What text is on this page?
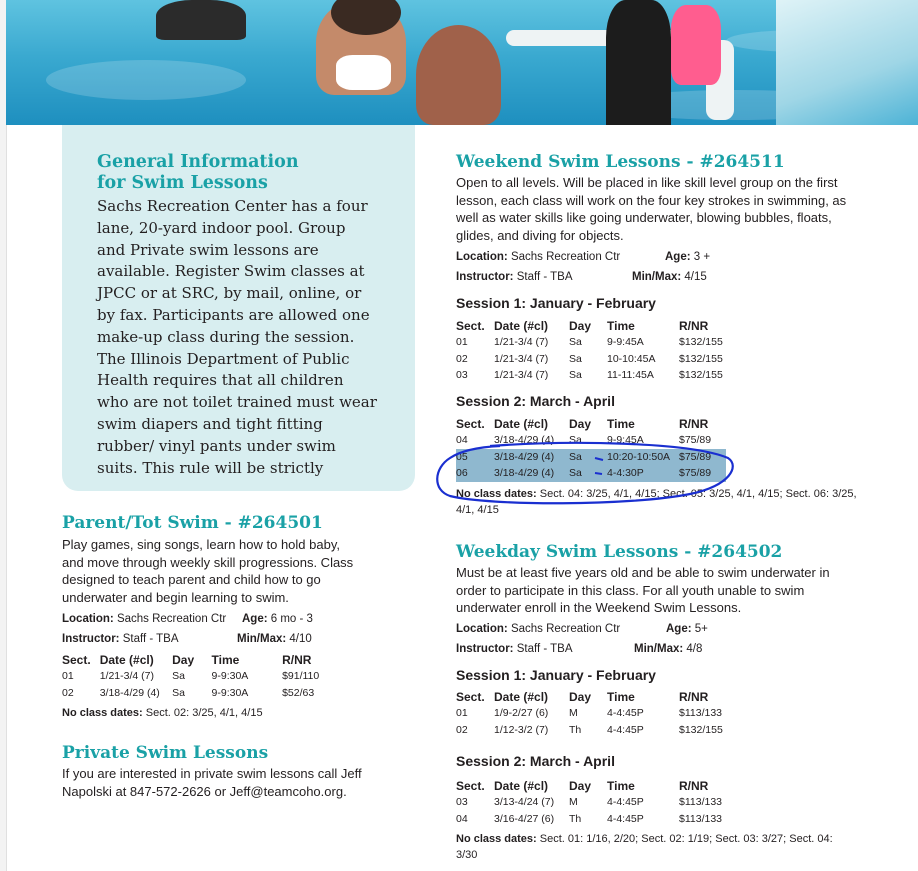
General Information
for Swim Lessons

Sachs Recreation Center has a four lane, 20-yard indoor pool. Group and Private swim lessons are available. Register Swim classes at JPCC or at SRC, by mail, online, or by fax. Participants are allowed one make-up class during the session. The Illinois Department of Public Health requires that all children who are not toilet trained must wear swim diapers and tight fitting rubber/ vinyl pants under swim suits. This rule will be strictly

Parent/Tot Swim - #264501

Play games, sing songs, learn how to hold baby, and move through weekly skill progressions. Class designed to teach parent and child how to go underwater and begin learning to swim.

Location: Sachs Recreation Ctr Age: 6 mo - 3
Instructor: Staff - TBA	Min/Max: 4/10
Sect.	Date (#cl)	Day	Time	R/NR
01	1/21-3/4 (7)	Sa	9-9:30A	$91/110
02	3/18-4/29 (4)	Sa	9-9:30A	$52/63
No class dates: Sect. 02: 3/25, 4/1, 4/15
Private Swim Lessons

If you are interested in private swim lessons call Jeff Napolski at 847-572-2626 or Jeff@teamcoho.org.

Weekend Swim Lessons - #264511

Open to all levels. Will be placed in like skill level group on the first lesson, each class will work on the four key strokes in swimming, as well as water skills like going underwater, blowing bubbles, floats, glides, and diving for objects.

Location: Sachs Recreation Ctr	Age: 3 +
Instructor: Staff - TBA	Min/Max: 4/15
Session 1: January - February
Sect.	Date (#cl)	Day	Time	R/NR
01	1/21-3/4 (7)	Sa	9-9:45A	$132/155
02	1/21-3/4 (7)	Sa	10-10:45A	$132/155
03	1/21-3/4 (7)	Sa	11-11:45A	$132/155
Session 2: March - April
Sect.	Date (#cl)	Day	Time	R/NR
04	3/18-4/29 (4)	Sa	9-9:45A	$75/89
05	3/18-4/29 (4)	Sa	10:20-10:50A	$75/89
06	3/18-4/29 (4)	Sa	4-4:30P	$75/89
No class dates: Sect. 04: 3/25, 4/1, 4/15; Sect. 05: 3/25, 4/1, 4/15; Sect. 06: 3/25, 4/1, 4/15
Weekday Swim Lessons - #264502

Must be at least five years old and be able to swim underwater in order to participate in this class. For all youth unable to swim underwater enroll in the Weekend Swim Lessons.

Location: Sachs Recreation Ctr	Age: 5+
Instructor: Staff - TBA	Min/Max: 4/8
Session 1: January - February
Sect.	Date (#cl)	Day	Time	R/NR
01	1/9-2/27 (6)	M	4-4:45P	$113/133
02	1/12-3/2 (7)	Th	4-4:45P	$132/155
Session 2: March - April
Sect.	Date (#cl)	Day	Time	R/NR
03	3/13-4/24 (7)	M	4-4:45P	$113/133
04	3/16-4/27 (6)	Th	4-4:45P	$113/133
No class dates: Sect. 01: 1/16, 2/20; Sect. 02: 1/19; Sect. 03: 3/27; Sect. 04: 3/30
